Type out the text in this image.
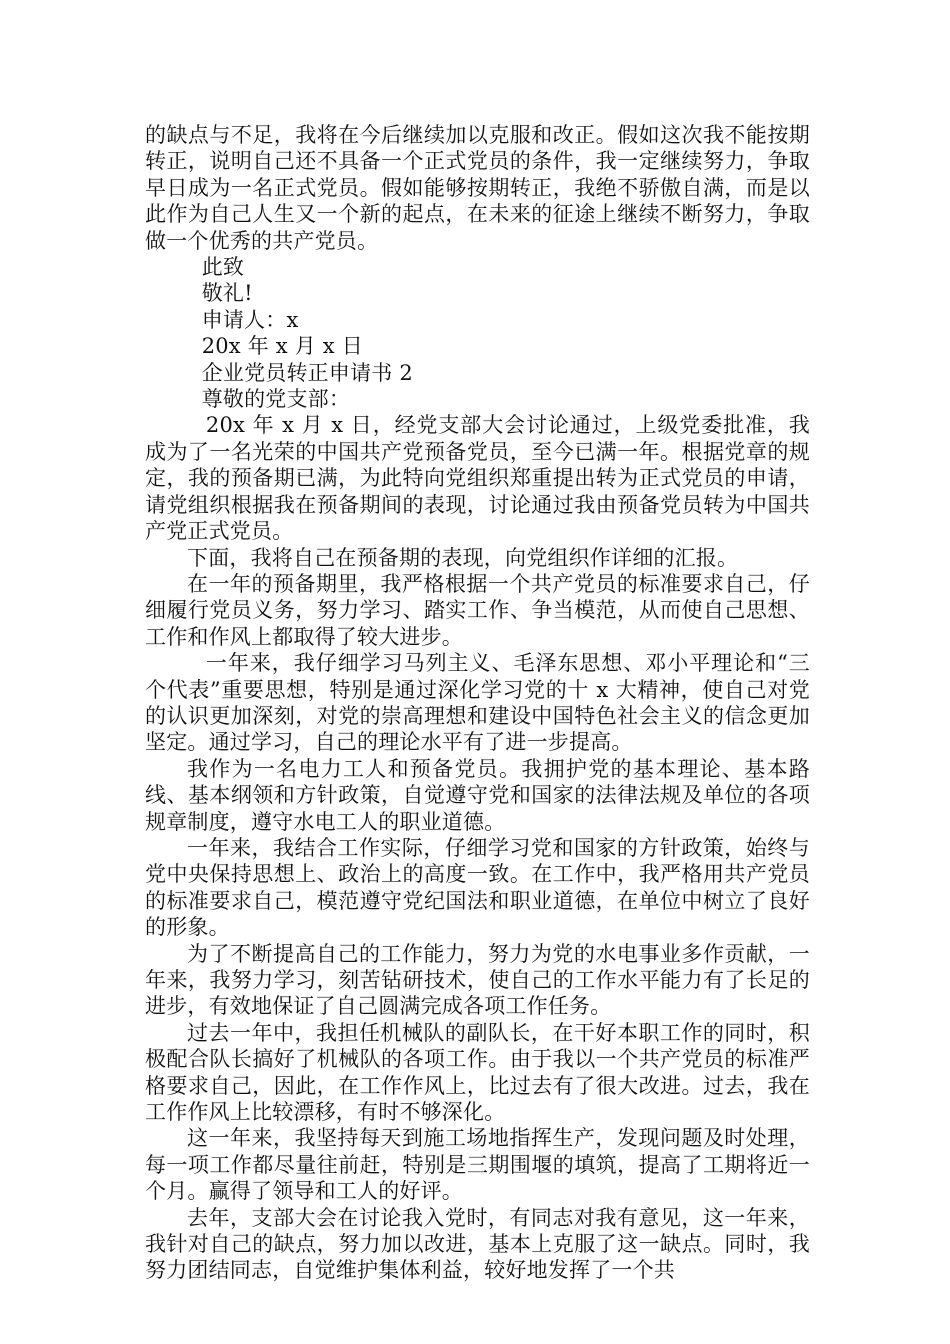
的缺点与不足，我将在今后继续加以克服和改正。假如这次我不能按期转正，说明自己还不具备一个正式党员的条件，我一定继续努力，争取早日成为一名正式党员。假如能够按期转正，我绝不骄傲自满，而是以此作为自己人生又一个新的起点，在未来的征途上继续不断努力，争取做一个优秀的共产党员。

此致

敬礼!

申请人：x

20x 年 x 月 x 日

企业党员转正申请书 2

尊敬的党支部：

20x 年 x 月 x 日，经党支部大会讨论通过，上级党委批准，我成为了一名光荣的中国共产党预备党员，至今已满一年。根据党章的规定，我的预备期已满，为此特向党组织郑重提出转为正式党员的申请，请党组织根据我在预备期间的表现，讨论通过我由预备党员转为中国共产党正式党员。

下面，我将自己在预备期的表现，向党组织作详细的汇报。

在一年的预备期里，我严格根据一个共产党员的标准要求自己，仔细履行党员义务，努力学习、踏实工作、争当模范，从而使自己思想、工作和作风上都取得了较大进步。

一年来，我仔细学习马列主义、毛泽东思想、邓小平理论和“三个代表”重要思想，特别是通过深化学习党的十 x 大精神，使自己对党的认识更加深刻，对党的崇高理想和建设中国特色社会主义的信念更加坚定。通过学习，自己的理论水平有了进一步提高。

我作为一名电力工人和预备党员。我拥护党的基本理论、基本路线、基本纲领和方针政策，自觉遵守党和国家的法律法规及单位的各项规章制度，遵守水电工人的职业道德。

一年来，我结合工作实际，仔细学习党和国家的方针政策，始终与党中央保持思想上、政治上的高度一致。在工作中，我严格用共产党员的标准要求自己，模范遵守党纪国法和职业道德，在单位中树立了良好的形象。

为了不断提高自己的工作能力，努力为党的水电事业多作贡献，一年来，我努力学习，刻苦钻研技术，使自己的工作水平能力有了长足的进步，有效地保证了自己圆满完成各项工作任务。

过去一年中，我担任机械队的副队长，在干好本职工作的同时，积极配合队长搞好了机械队的各项工作。由于我以一个共产党员的标准严格要求自己，因此，在工作作风上，比过去有了很大改进。过去，我在工作作风上比较漂移，有时不够深化。

这一年来，我坚持每天到施工场地指挥生产，发现问题及时处理，每一项工作都尽量往前赶，特别是三期围堰的填筑，提高了工期将近一个月。赢得了领导和工人的好评。

去年，支部大会在讨论我入党时，有同志对我有意见，这一年来，我针对自己的缺点，努力加以改进，基本上克服了这一缺点。同时，我努力团结同志，自觉维护集体利益，较好地发挥了一个共
